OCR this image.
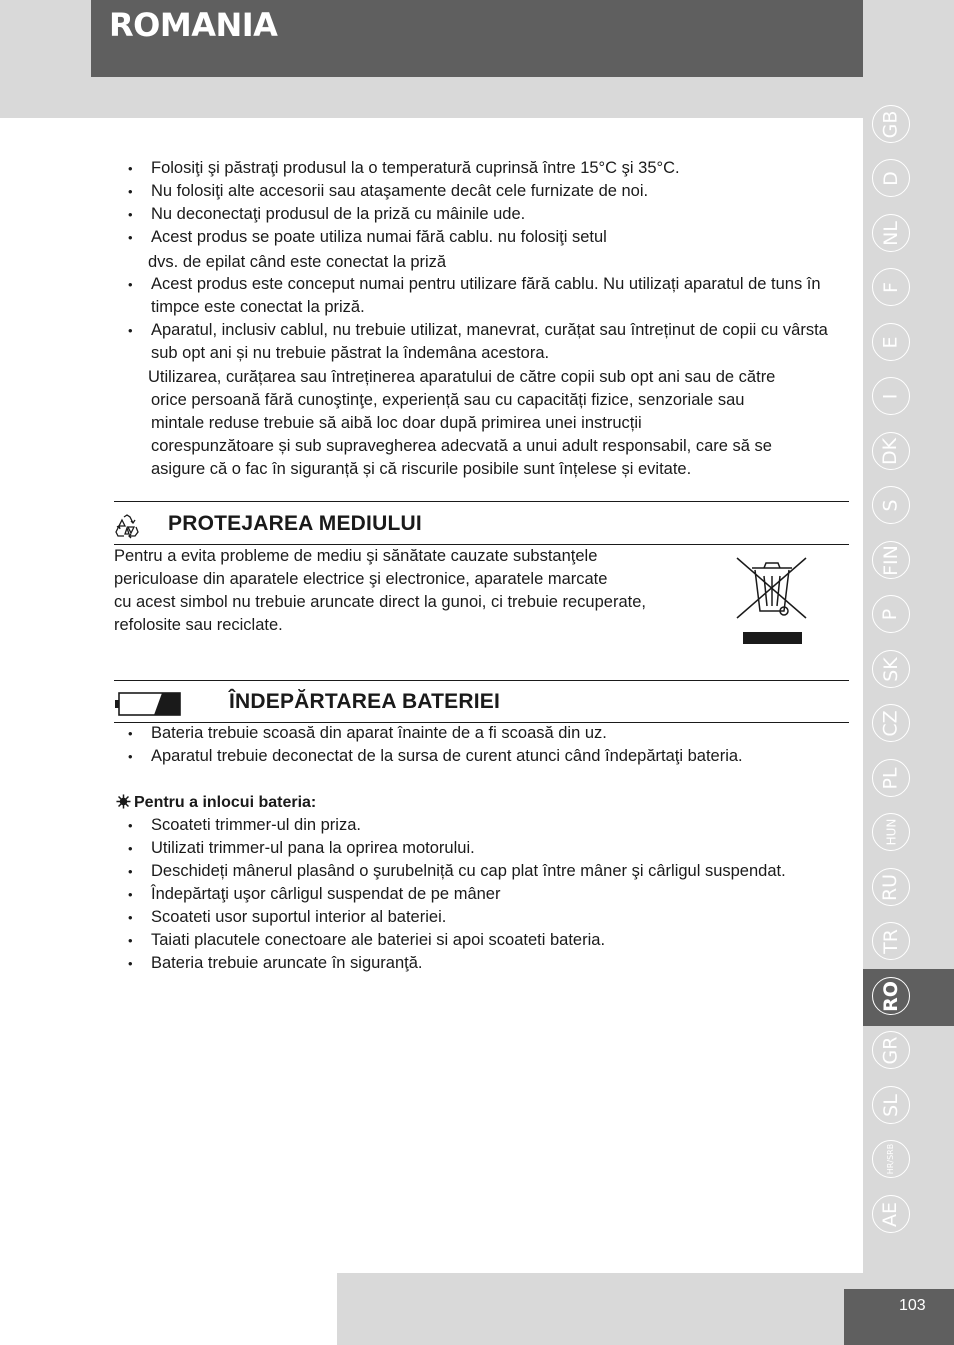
ROMANIA
• Folosiţi şi păstraţi produsul la o temperatură cuprinsă între 15°C şi 35°C.
• Nu folosiţi alte accesorii sau ataşamente decât cele furnizate de noi.
• Nu deconectaţi produsul de la priză cu mâinile ude.
• Acest produs se poate utiliza numai fără cablu. nu folosiţi setul
dvs. de epilat când este conectat la priză
• Acest produs este conceput numai pentru utilizare fără cablu. Nu utilizați aparatul de tuns în timpce este conectat la priză.
• Aparatul, inclusiv cablul, nu trebuie utilizat, manevrat, curățat sau întreținut de copii cu vârsta sub opt ani și nu trebuie păstrat la îndemâna acestora.
Utilizarea, curățarea sau întreținerea aparatului de către copii sub opt ani sau de către
orice persoană fără cunoştinţe, experiență sau cu capacități fizice, senzoriale sau
mintale reduse trebuie să aibă loc doar după primirea unei instrucții
corespunzătoare și sub supravegherea adecvată a unui adult responsabil, care să se
asigure că o fac în siguranță și că riscurile posibile sunt înțelese și evitate.
PROTEJAREA MEDIULUI
Pentru a evita probleme de mediu şi sănătate cauzate substanţele
periculoase din aparatele electrice şi electronice, aparatele marcate
cu acest simbol nu trebuie aruncate direct la gunoi, ci trebuie recuperate,
refolosite sau reciclate.
ÎNDEPĂRTAREA BATERIEI
• Bateria trebuie scoasă din aparat înainte de a fi scoasă din uz.
• Aparatul trebuie deconectat de la sursa de curent atunci când îndepărtaţi bateria.
Pentru a inlocui bateria:
• Scoateti trimmer-ul din priza.
• Utilizati trimmer-ul pana la oprirea motorului.
• Deschideți mânerul plasând o şurubelniță cu cap plat între mâner şi cârligul suspendat.
• Îndepărtaţi uşor cârligul suspendat de pe mâner
• Scoateti usor suportul interior al bateriei.
• Taiati placutele conectoare ale bateriei si apoi scoateti bateria.
• Bateria trebuie aruncate în siguranţă.
GB
D
NL
F
E
I
DK
S
FIN
P
SK
CZ
PL
HUN
RU
TR
RO
GR
SL
HR/SRB
AE
103
